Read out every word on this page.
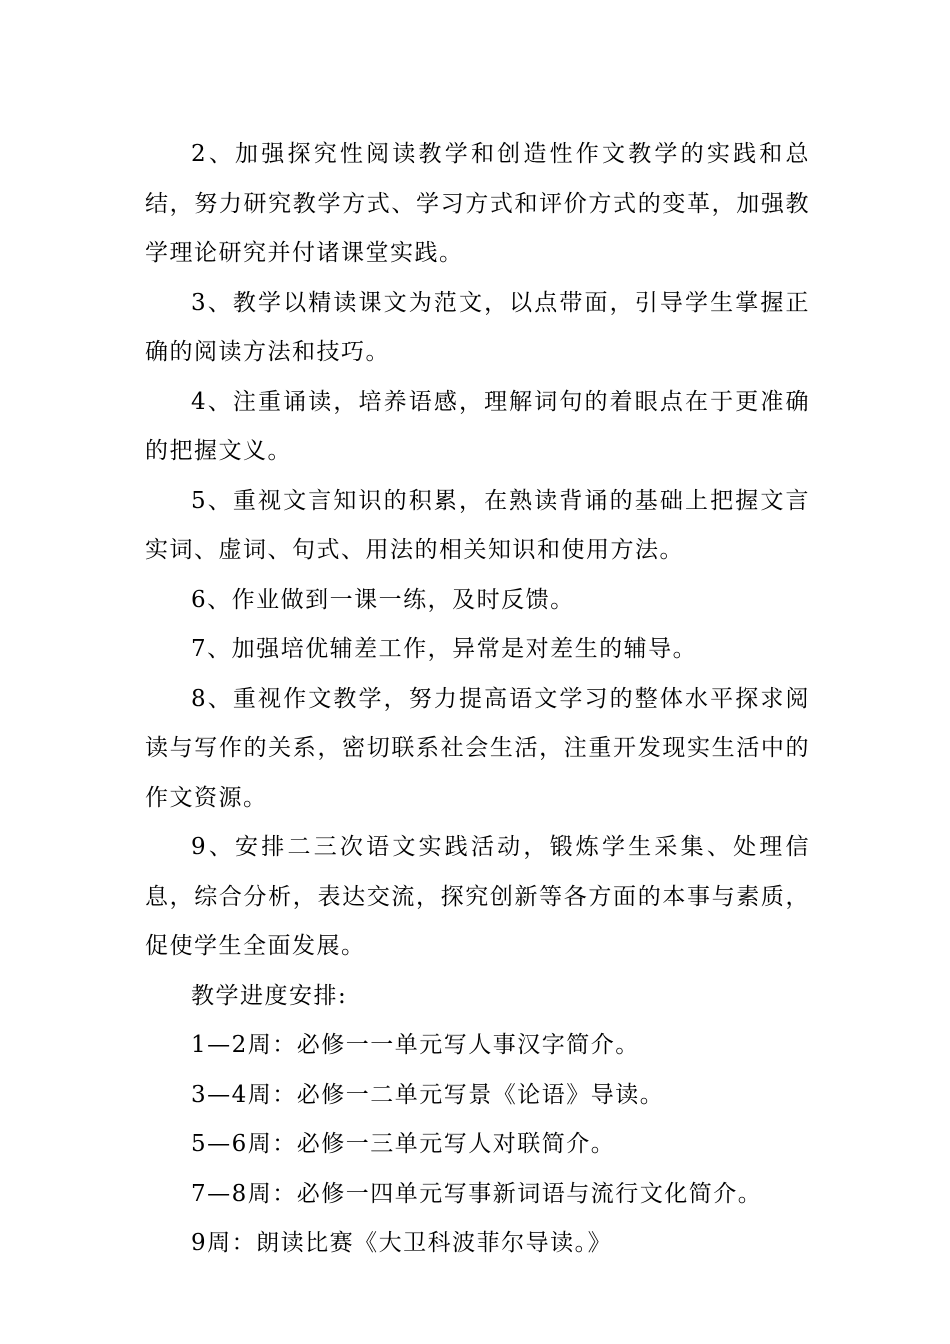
2、加强探究性阅读教学和创造性作文教学的实践和总结，努力研究教学方式、学习方式和评价方式的变革，加强教学理论研究并付诸课堂实践。

3、教学以精读课文为范文，以点带面，引导学生掌握正确的阅读方法和技巧。

4、注重诵读，培养语感，理解词句的着眼点在于更准确的把握文义。

5、重视文言知识的积累，在熟读背诵的基础上把握文言实词、虚词、句式、用法的相关知识和使用方法。

6、作业做到一课一练，及时反馈。

7、加强培优辅差工作，异常是对差生的辅导。

8、重视作文教学，努力提高语文学习的整体水平探求阅读与写作的关系，密切联系社会生活，注重开发现实生活中的作文资源。

9、安排二三次语文实践活动，锻炼学生采集、处理信息，综合分析，表达交流，探究创新等各方面的本事与素质，促使学生全面发展。

教学进度安排:

1—2周：必修一一单元写人事汉字简介。

3—4周：必修一二单元写景《论语》导读。

5—6周：必修一三单元写人对联简介。

7—8周：必修一四单元写事新词语与流行文化简介。

9周：朗读比赛《大卫科波菲尔导读。》
